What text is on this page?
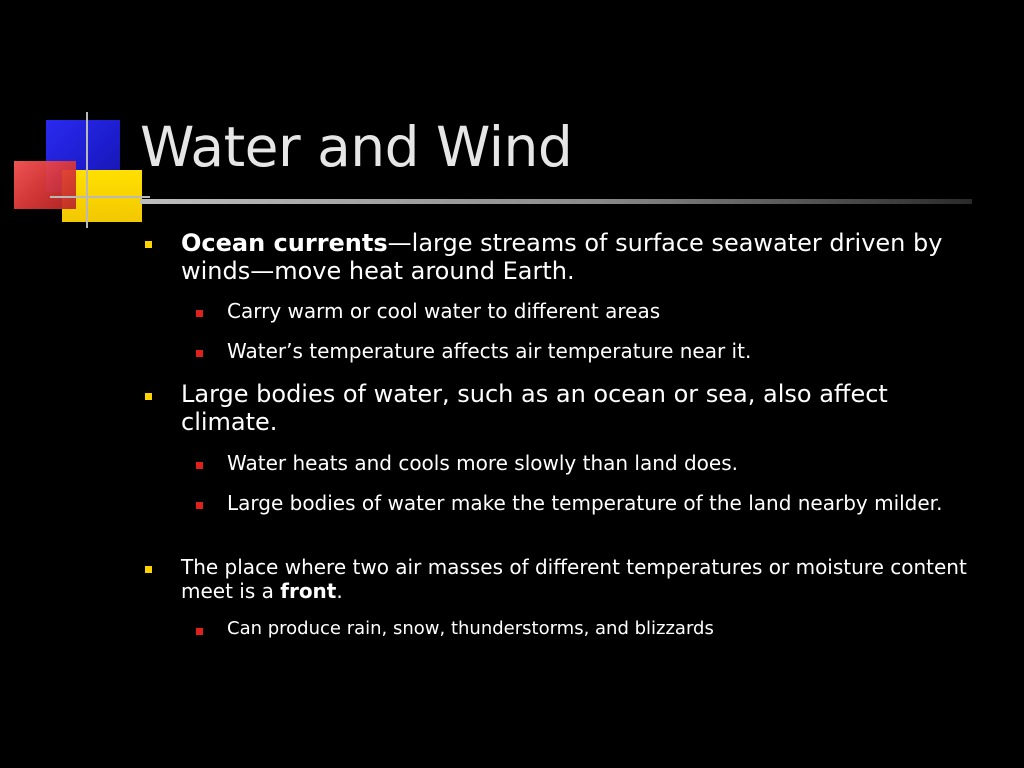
Water and Wind
Ocean currents—large streams of surface seawater driven by winds—move heat around Earth.
Carry warm or cool water to different areas
Water’s temperature affects air temperature near it.
Large bodies of water, such as an ocean or sea, also affect climate.
Water heats and cools more slowly than land does.
Large bodies of water make the temperature of the land nearby milder.
The place where two air masses of different temperatures or moisture content meet is a front.
Can produce rain, snow, thunderstorms, and blizzards
